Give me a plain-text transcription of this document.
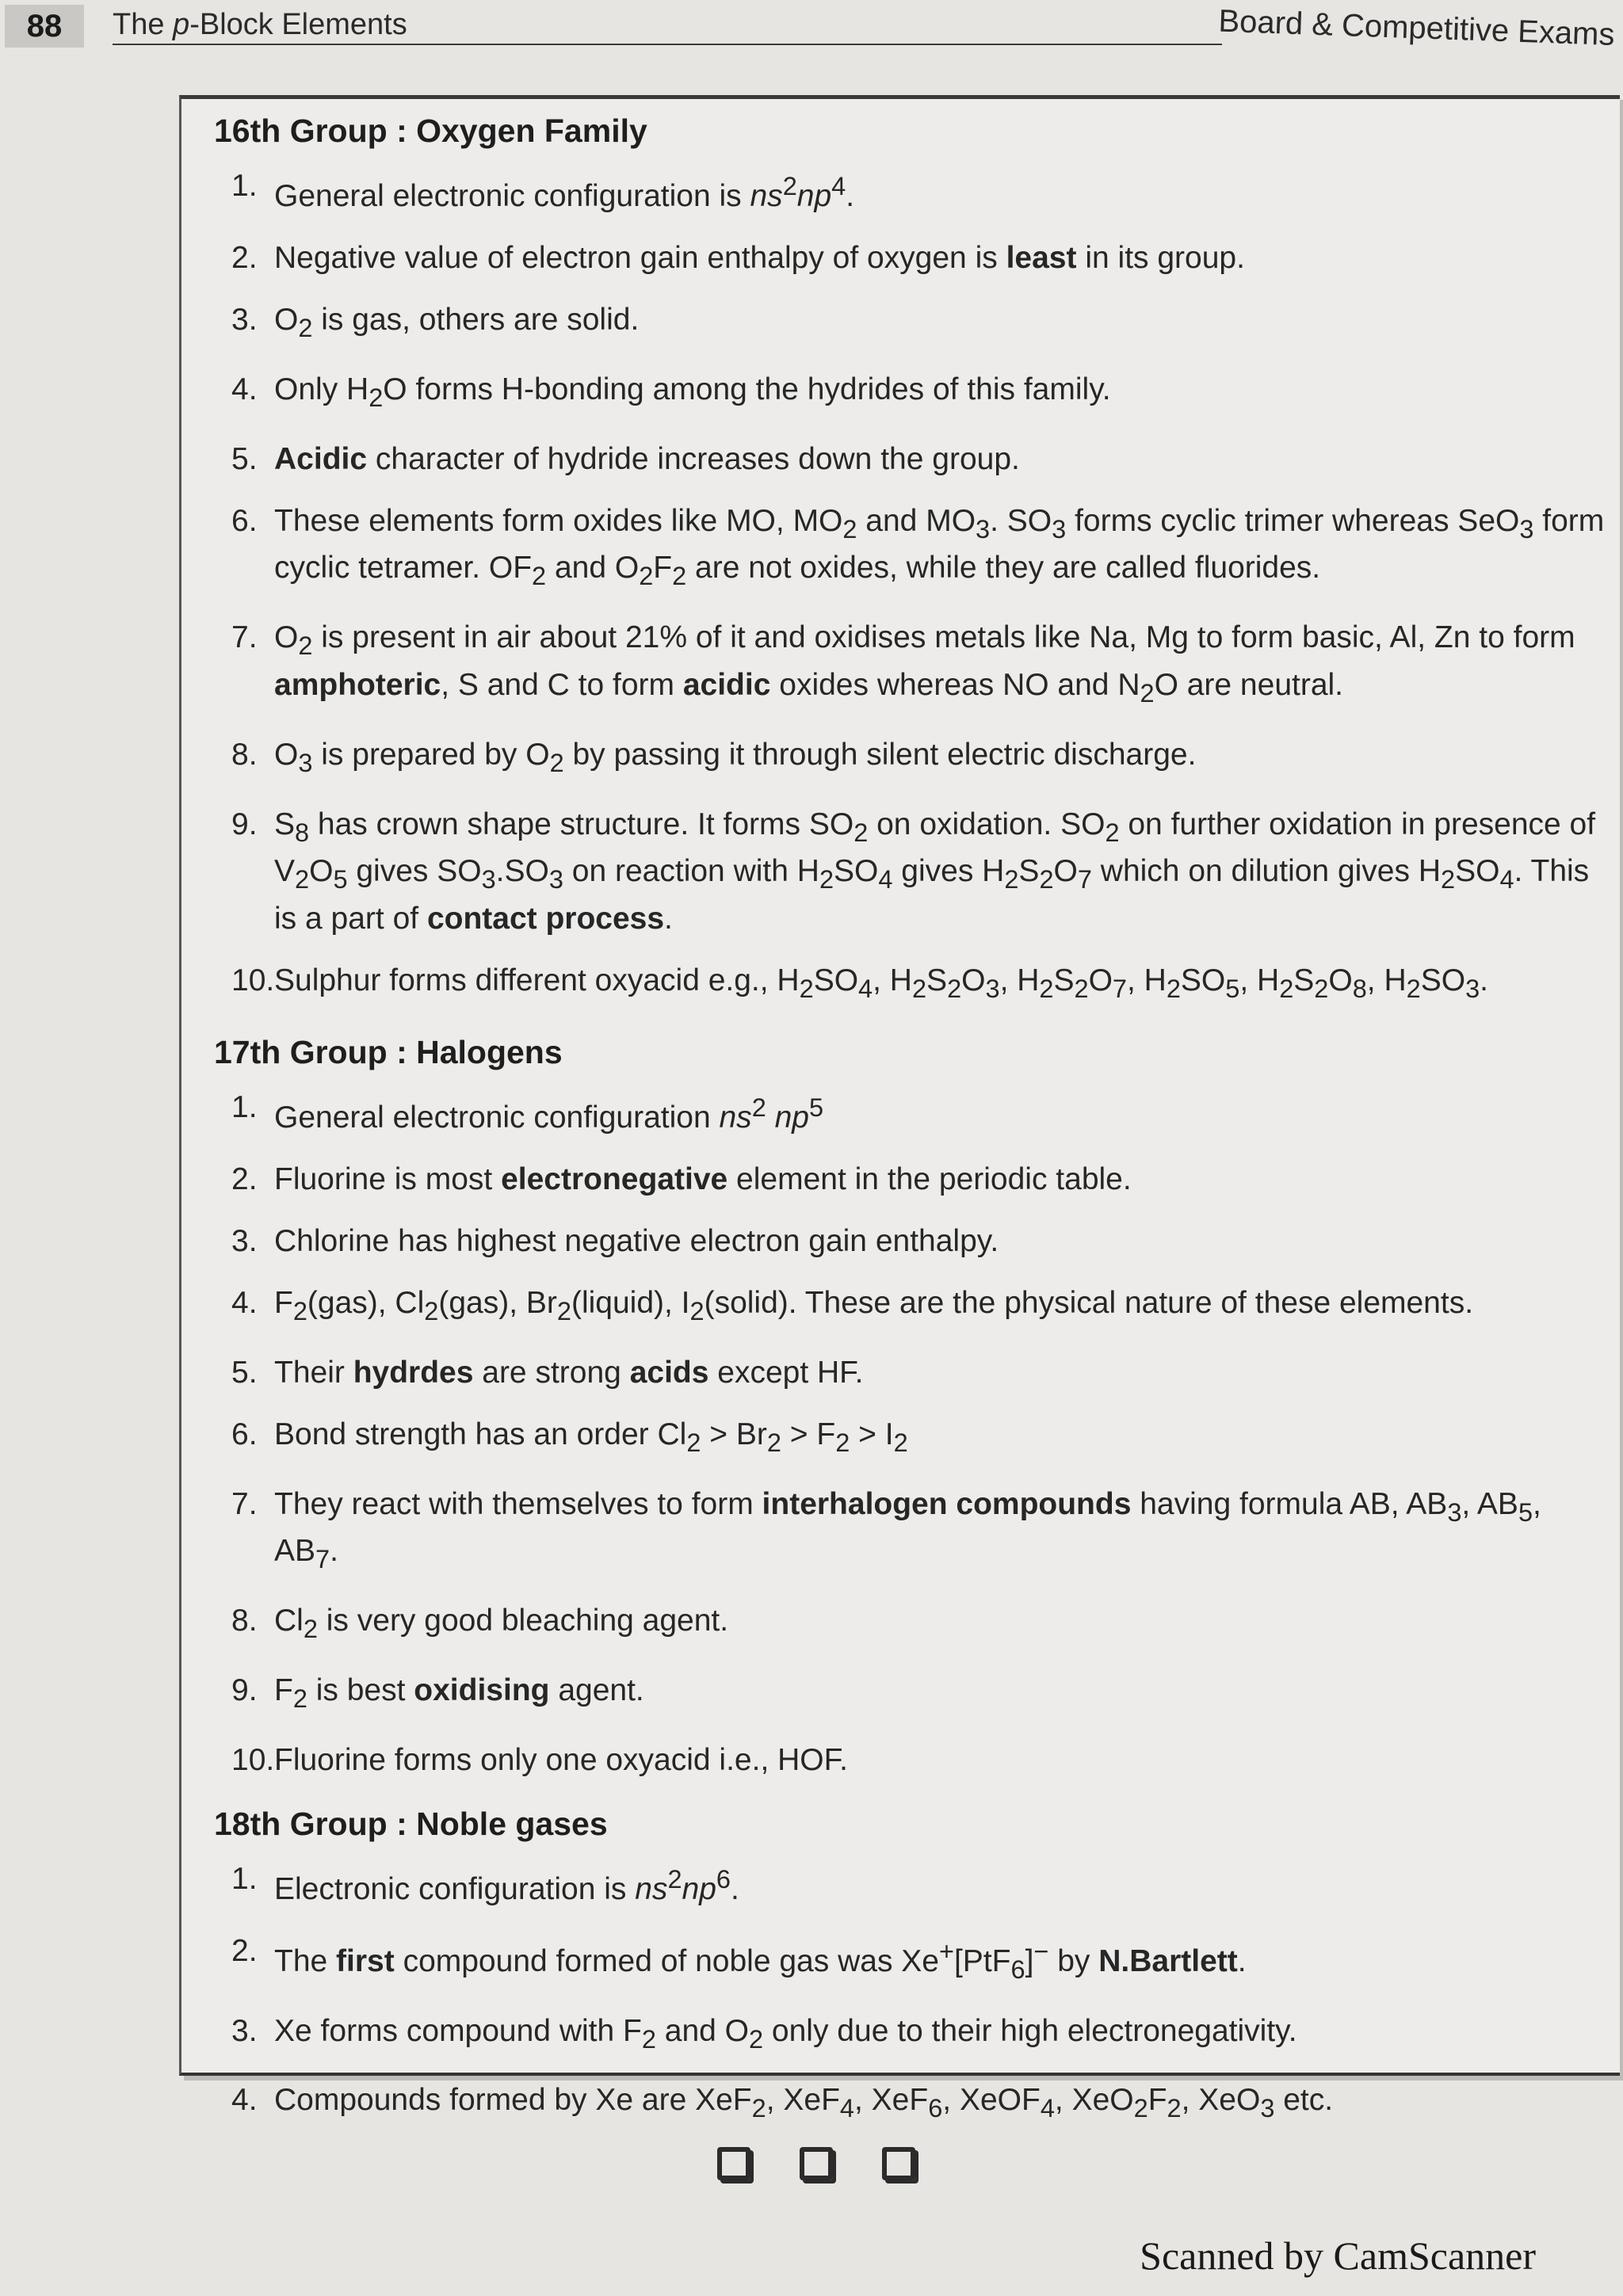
88	The p-Block Elements	Board & Competitive Exams
16th Group : Oxygen Family
1. General electronic configuration is $ns^2np^4$.
2. Negative value of electron gain enthalpy of oxygen is least in its group.
3. $O_2$ is gas, others are solid.
4. Only $H_2O$ forms H-bonding among the hydrides of this family.
5. Acidic character of hydride increases down the group.
6. These elements form oxides like MO, $MO_2$ and $MO_3$. $SO_3$ forms cyclic trimer whereas SeO$_3$ form cyclic tetramer. $OF_2$ and $O_2F_2$ are not oxides, while they are called fluorides.
7. $O_2$ is present in air about 21% of it and oxidises metals like Na, Mg to form basic, Al, Zn to form amphoteric, S and C to form acidic oxides whereas NO and $N_2O$ are neutral.
8. $O_3$ is prepared by $O_2$ by passing it through silent electric discharge.
9. $S_8$ has crown shape structure. It forms $SO_2$ on oxidation. $SO_2$ on further oxidation in presence of $V_2O_5$ gives $SO_3.SO_3$ on reaction with $H_2SO_4$ gives $H_2S_2O_7$ which on dilution gives $H_2SO_4$. This is a part of contact process.
10. Sulphur forms different oxyacid e.g., $H_2SO_4$, $H_2S_2O_3$, $H_2S_2O_7$, $H_2SO_5$, $H_2S_2O_8$, $H_2SO_3$.
17th Group : Halogens
1. General electronic configuration $ns^2$ $np^5$
2. Fluorine is most electronegative element in the periodic table.
3. Chlorine has highest negative electron gain enthalpy.
4. $F_2(gas)$, $Cl_2(gas)$, $Br_2(liquid)$, $I_2(solid)$. These are the physical nature of these elements.
5. Their hydrdes are strong acids except HF.
6. Bond strength has an order $Cl_2 > Br_2 > F_2 > I_2$
7. They react with themselves to form interhalogen compounds having formula AB, $AB_3$, $AB_5$, $AB_7$.
8. $Cl_2$ is very good bleaching agent.
9. $F_2$ is best oxidising agent.
10. Fluorine forms only one oxyacid i.e., HOF.
18th Group : Noble gases
1. Electronic configuration is $ns^2np^6$.
2. The first compound formed of noble gas was Xe+[PtF$_6$]− by N.Bartlett.
3. Xe forms compound with $F_2$ and $O_2$ only due to their high electronegativity.
4. Compounds formed by Xe are XeF$_2$, XeF$_4$, XeF$_6$, XeOF$_4$, $XeO_2F_2$, XeO$_3$ etc.
Scanned by CamScanner
